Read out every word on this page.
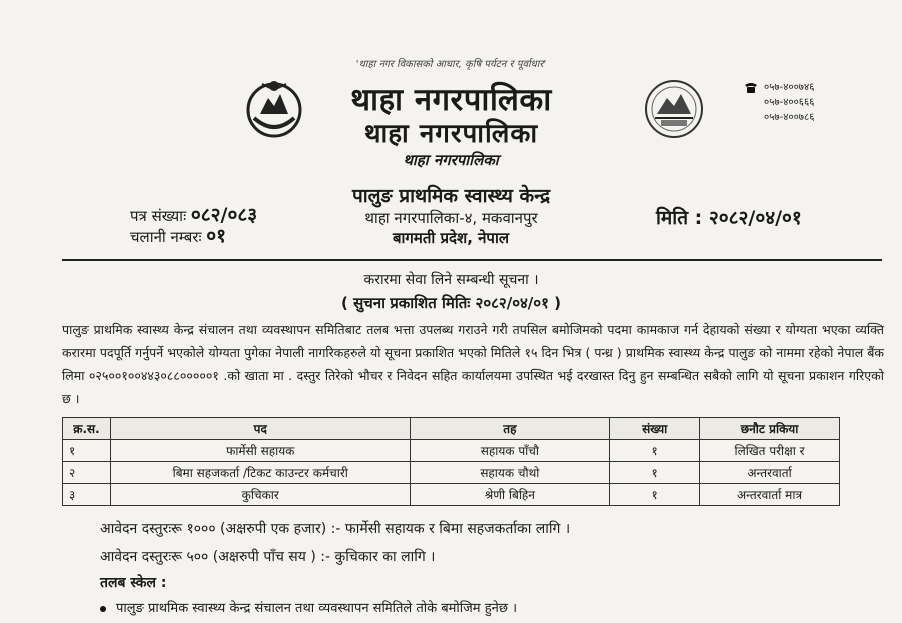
'थाहा नगर विकासको आधार, कृषि पर्यटन र पूर्वाधार'
थाहा नगरपालिका
थाहा नगरपालिका
थाहा नगरपालिका
०५७-४००७४६
०५७-४००६६६
०५७-४००७८६
पालुङ प्राथमिक स्वास्थ्य केन्द्र
थाहा नगरपालिका-४, मकवानपुर
बागमती प्रदेश, नेपाल
पत्र संख्याः ०८२/०८३
चलानी नम्बरः ०१
मिति : २०८२/०४/०१
करारमा सेवा लिने सम्बन्धी सूचना ।
( सुचना प्रकाशित मितिः २०८२/०४/०१ )
पालुङ प्राथमिक स्वास्थ्य केन्द्र संचालन तथा व्यवस्थापन समितिबाट तलब भत्ता उपलब्ध गराउने गरी तपसिल बमोजिमको पदमा कामकाज गर्न देहायको संख्या र योग्यता भएका व्यक्ति करारमा पदपूर्ति गर्नुपर्ने भएकोले योग्यता पुगेका नेपाली नागरिकहरुले यो सूचना प्रकाशित भएको मितिले १५ दिन भित्र ( पन्ध्र ) प्राथमिक स्वास्थ्य केन्द्र पालुङ को नाममा रहेको नेपाल बैंक लिमा ०२५००१००४४३०८८०००००१ .को खाता मा . दस्तुर तिरेको भौचर र निवेदन सहित कार्यालयमा उपस्थित भई दरखास्त दिनु हुन सम्बन्धित सबैको लागि यो सूचना प्रकाशन गरिएको छ ।
क्र.स.	पद	तह	संख्या	छनौट प्रकिया
१	फार्मेसी सहायक	सहायक पाँचौ	१	लिखित परीक्षा र
२	बिमा सहजकर्ता /टिकट काउन्टर कर्मचारी	सहायक चौथो	१	अन्तरवार्ता
३	कुचिकार	श्रेणी बिहिन	१	अन्तरवार्ता मात्र
आवेदन दस्तुरःरू १००० (अक्षरुपी एक हजार) :- फार्मेसी सहायक र बिमा सहजकर्ताका लागि ।
आवेदन दस्तुरःरू ५०० (अक्षरुपी पाँच सय ) :- कुचिकार का लागि ।
तलब स्केल :
पालुङ प्राथमिक स्वास्थ्य केन्द्र संचालन तथा व्यवस्थापन समितिले तोके बमोजिम हुनेछ ।
